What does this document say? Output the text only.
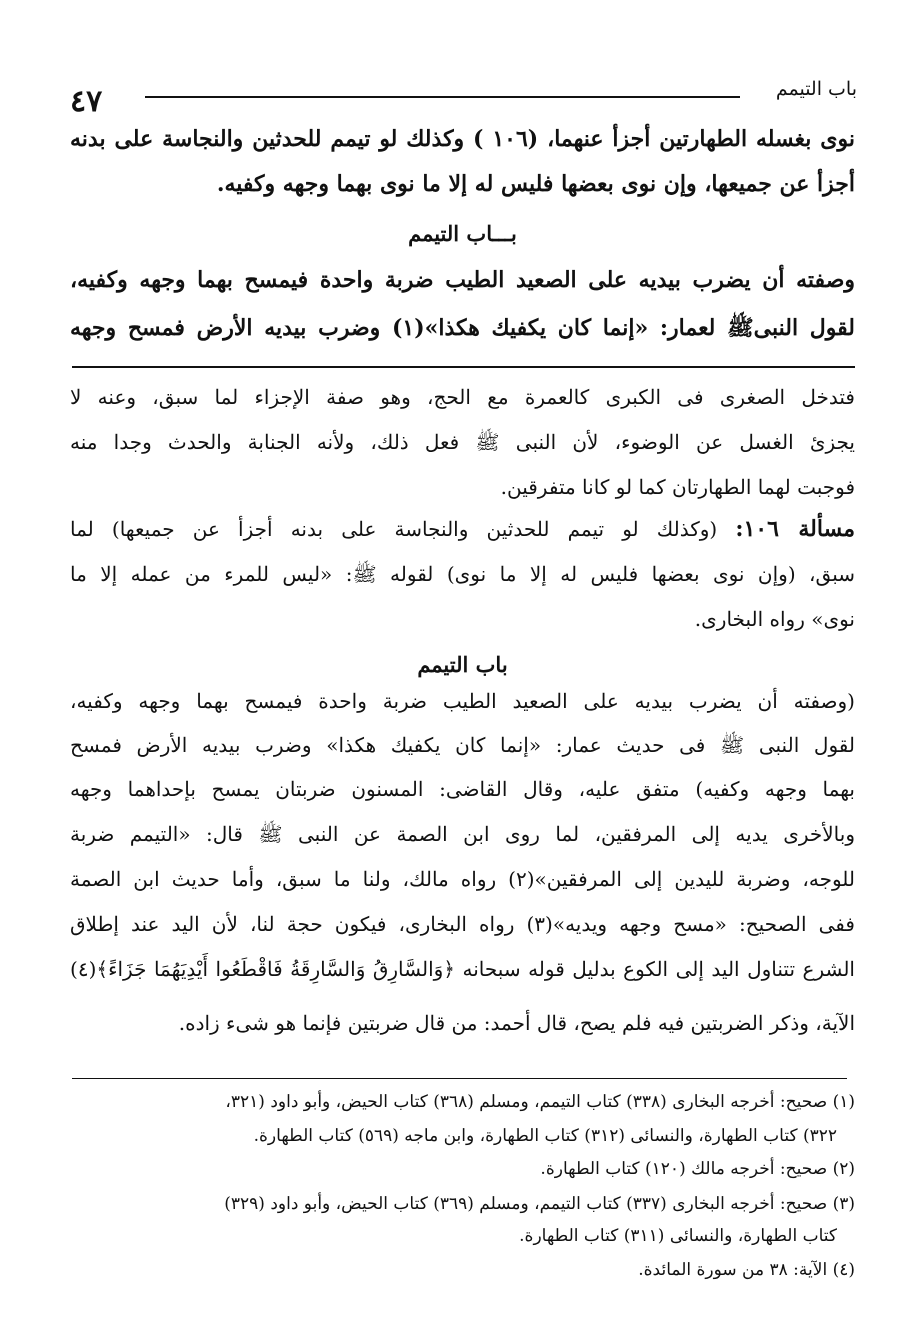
باب التيمم
٤٧
نوى بغسله الطهارتين أجزأ عنهما، (١٠٦ ) وكذلك لو تيمم للحدثين والنجاسة على بدنه
أجزأ عن جميعها، وإن نوى بعضها فليس له إلا ما نوى بهما وجهه وكفيه.
بـــاب التيمم
وصفته أن يضرب بيديه على الصعيد الطيب ضربة واحدة فيمسح بهما وجهه وكفيه،
لقول النبىﷺ لعمار: «إنما كان يكفيك هكذا»(١) وضرب بيديه الأرض فمسح وجهه
فتدخل الصغرى فى الكبرى كالعمرة مع الحج، وهو صفة الإجزاء لما سبق، وعنه لا
يجزئ الغسل عن الوضوء، لأن النبى ﷺ فعل ذلك، ولأنه الجنابة والحدث وجدا منه
فوجبت لهما الطهارتان كما لو كانا متفرقين.
مسألة ١٠٦: (وكذلك لو تيمم للحدثين والنجاسة على بدنه أجزأ عن جميعها) لما
سبق، (وإن نوى بعضها فليس له إلا ما نوى) لقوله ﷺ: «ليس للمرء من عمله إلا ما
نوى» رواه البخارى.
باب التيمم
(وصفته أن يضرب بيديه على الصعيد الطيب ضربة واحدة فيمسح بهما وجهه وكفيه،
لقول النبى ﷺ فى حديث عمار: «إنما كان يكفيك هكذا» وضرب بيديه الأرض فمسح
بهما وجهه وكفيه) متفق عليه، وقال القاضى: المسنون ضربتان يمسح بإحداهما وجهه
وبالأخرى يديه إلى المرفقين، لما روى ابن الصمة عن النبى ﷺ قال: «التيمم ضربة
للوجه، وضربة لليدين إلى المرفقين»(٢) رواه مالك، ولنا ما سبق، وأما حديث ابن الصمة
ففى الصحيح: «مسح وجهه ويديه»(٣) رواه البخارى، فيكون حجة لنا، لأن اليد عند إطلاق
الشرع تتناول اليد إلى الكوع بدليل قوله سبحانه ﴿وَالسَّارِقُ وَالسَّارِقَةُ فَاقْطَعُوا أَيْدِيَهُمَا جَزَاءً﴾(٤)
الآية، وذكر الضربتين فيه فلم يصح، قال أحمد: من قال ضربتين فإنما هو شىء زاده.
(١) صحيح: أخرجه البخارى (٣٣٨) كتاب التيمم، ومسلم (٣٦٨) كتاب الحيض، وأبو داود (٣٢١،
٣٢٢) كتاب الطهارة، والنسائى (٣١٢) كتاب الطهارة، وابن ماجه (٥٦٩) كتاب الطهارة.
(٢) صحيح: أخرجه مالك (١٢٠) كتاب الطهارة.
(٣) صحيح: أخرجه البخارى (٣٣٧) كتاب التيمم، ومسلم (٣٦٩) كتاب الحيض، وأبو داود (٣٢٩)
كتاب الطهارة، والنسائى (٣١١) كتاب الطهارة.
(٤) الآية: ٣٨ من سورة المائدة.
